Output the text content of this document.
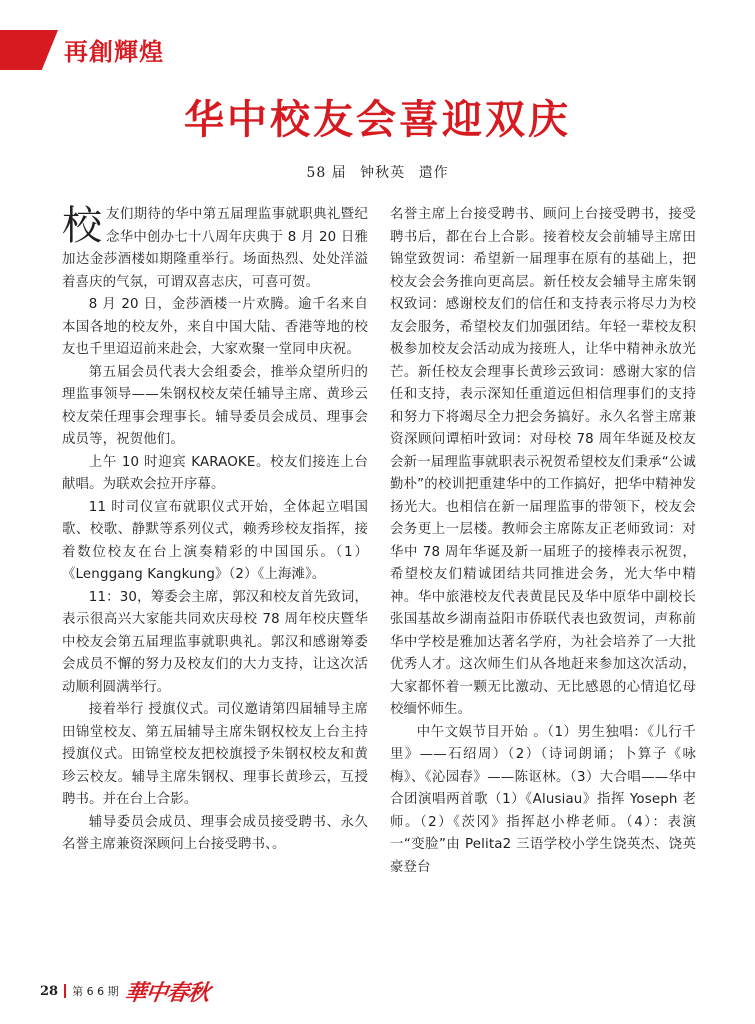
再創輝煌
华中校友会喜迎双庆
58 届 钟秋英 遣作

校友们期待的华中第五届理监事就职典礼暨纪念华中创办七十八周年庆典于 8 月 20 日雅加达金莎酒楼如期隆重举行。场面热烈、处处洋溢着喜庆的气氛，可谓双喜志庆，可喜可贺。

8 月 20 日，金莎酒楼一片欢腾。逾千名来自本国各地的校友外，来自中国大陆、香港等地的校友也千里迢迢前来赴会，大家欢聚一堂同申庆祝。

第五届会员代表大会组委会，推举众望所归的理监事领导——朱钢权校友荣任辅导主席、黄珍云校友荣任理事会理事长。辅导委员会成员、理事会成员等，祝贺他们。

上午 10 时迎宾 KARAOKE。校友们接连上台献唱。为联欢会拉开序幕。

11 时司仪宣布就职仪式开始，全体起立唱国歌、校歌、静默等系列仪式，赖秀珍校友指挥，接着数位校友在台上演奏精彩的中国国乐。（1）《Lenggang Kangkung》（2）《上海滩》。

11：30，筹委会主席，郭汉和校友首先致词，表示很高兴大家能共同欢庆母校 78 周年校庆暨华中校友会第五届理监事就职典礼。郭汉和感谢筹委会成员不懈的努力及校友们的大力支持，让这次活动顺利圆满举行。

接着举行 授旗仪式。司仪邀请第四届辅导主席田锦堂校友、第五届辅导主席朱钢权校友上台主持授旗仪式。田锦堂校友把校旗授予朱钢权校友和黄珍云校友。辅导主席朱钢权、理事长黄珍云，互授聘书。并在台上合影。

辅导委员会成员、理事会成员接受聘书、永久名誉主席兼资深顾问上台接受聘书、。

名誉主席上台接受聘书、顾问上台接受聘书，接受聘书后，都在台上合影。接着校友会前辅导主席田锦堂致贺词：希望新一届理事在原有的基础上，把校友会会务推向更高层。新任校友会辅导主席朱钢权致词：感谢校友们的信任和支持表示将尽力为校友会服务，希望校友们加强团结。年轻一辈校友积极参加校友会活动成为接班人，让华中精神永放光芒。新任校友会理事长黄珍云致词：感谢大家的信任和支持，表示深知任重道远但相信理事们的支持和努力下将竭尽全力把会务搞好。永久名誉主席兼资深顾问谭栢叶致词：对母校 78 周年华诞及校友会新一届理监事就职表示祝贺希望校友们秉承“公诚勤朴”的校训把重建华中的工作搞好，把华中精神发扬光大。也相信在新一届理监事的带领下，校友会会务更上一层楼。教师会主席陈友正老师致词：对华中 78 周年华诞及新一届班子的接棒表示祝贺，希望校友们精诚团结共同推进会务，光大华中精神。华中旅港校友代表黄昆民及华中原华中副校长张国基故乡湖南益阳市侨联代表也致贺词，声称前华中学校是雅加达著名学府，为社会培养了一大批优秀人才。这次师生们从各地赶来参加这次活动，大家都怀着一颗无比激动、无比感恩的心情追忆母校缅怀师生。

中午文娱节目开始 。（1）男生独唱：《儿行千里》——石绍周）（2）（诗词朗诵；卜算子《咏梅》、《沁园春》——陈讴林。（3）大合唱——华中合团演唱两首歌（1）《Alusiau》指挥 Yoseph 老师。（2）《茨冈》指挥赵小桦老师。（4）：表演一“变脸”由 Pelita2 三语学校小学生饶英杰、饶英豪登台

28 第 6 6 期 華中春秋
